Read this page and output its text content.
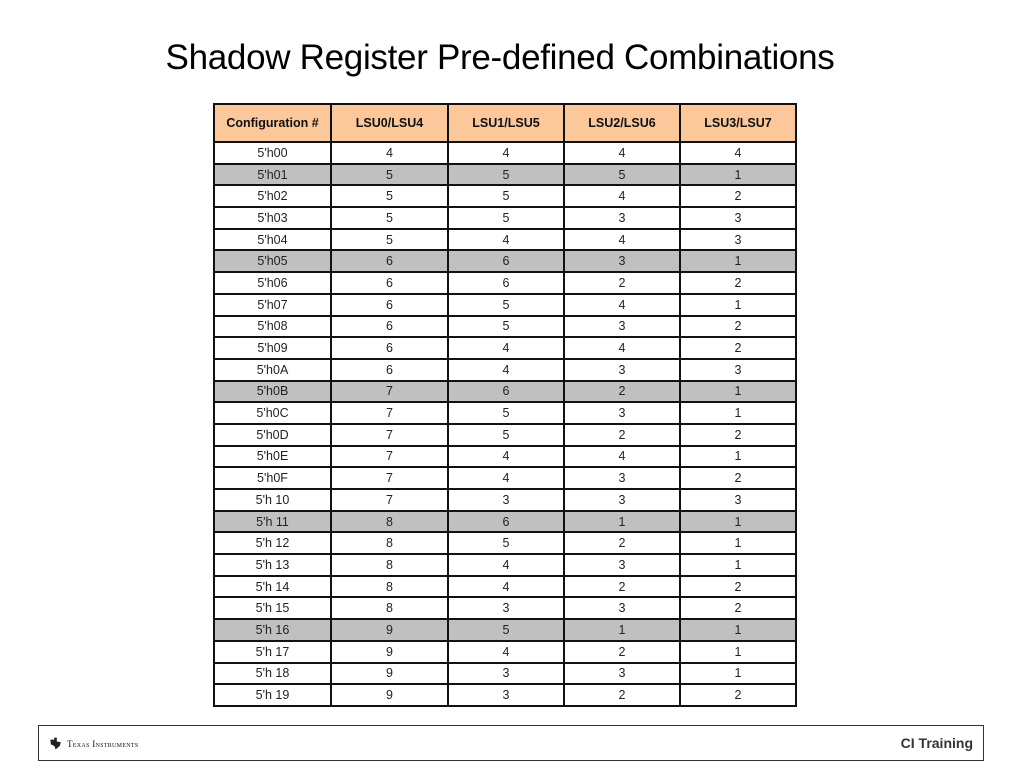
Shadow Register Pre-defined Combinations
Configuration #	LSU0/LSU4	LSU1/LSU5	LSU2/LSU6	LSU3/LSU7
5'h00	4	4	4	4
5'h01	5	5	5	1
5'h02	5	5	4	2
5'h03	5	5	3	3
5'h04	5	4	4	3
5'h05	6	6	3	1
5'h06	6	6	2	2
5'h07	6	5	4	1
5'h08	6	5	3	2
5'h09	6	4	4	2
5'h0A	6	4	3	3
5'h0B	7	6	2	1
5'h0C	7	5	3	1
5'h0D	7	5	2	2
5'h0E	7	4	4	1
5'h0F	7	4	3	2
5'h 10	7	3	3	3
5'h 11	8	6	1	1
5'h 12	8	5	2	1
5'h 13	8	4	3	1
5'h 14	8	4	2	2
5'h 15	8	3	3	2
5'h 16	9	5	1	1
5'h 17	9	4	2	1
5'h 18	9	3	3	1
5'h 19	9	3	2	2
Texas Instruments	CI Training
